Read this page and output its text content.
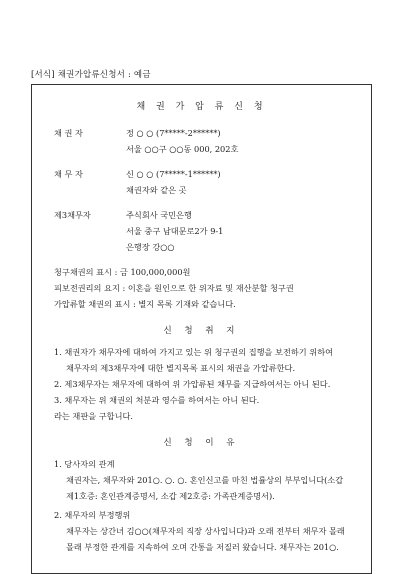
[서식] 채권가압류신청서 : 예금
채 권 가 압 류 신 청
채 권 자	정 ○ ○ (7*****-2******)
서울 ○○구 ○○동 000, 202호
채 무 자	신 ○ ○ (7*****-1******)
채권자와 같은 곳
제3채무자	주식회사 국민은행
서울 중구 남대문로2가 9-1
은행장 강○○
청구채권의 표시 : 금 100,000,000원
피보전권리의 요지 : 이혼을 원인으로 한 위자료 및 재산분할 청구권
가압류할 채권의 표시 : 별지 목록 기재와 같습니다.
신 청 취 지
1. 채권자가 채무자에 대하여 가지고 있는 위 청구권의 집행을 보전하기 위하여
채무자의 제3채무자에 대한 별지목록 표시의 채권을 가압류한다.
2. 제3채무자는 채무자에 대하여 위 가압류된 채무를 지급하여서는 아니 된다.
3. 채무자는 위 채권의 처분과 영수를 하여서는 아니 된다.
라는 재판을 구합니다.
신 청 이 유
1. 당사자의 관계
채권자는, 채무자와 201○. ○. ○. 혼인신고를 마친 법률상의 부부입니다(소갑
제1호증: 혼인관계증명서, 소갑 제2호증: 가족관계증명서).
2. 채무자의 부정행위
채무자는 상간녀 김○○(채무자의 직장 상사입니다)과 오래 전부터 채무자 몰래
몰래 부정한 관계를 지속하여 오며 간통을 저질러 왔습니다. 채무자는 201○.
